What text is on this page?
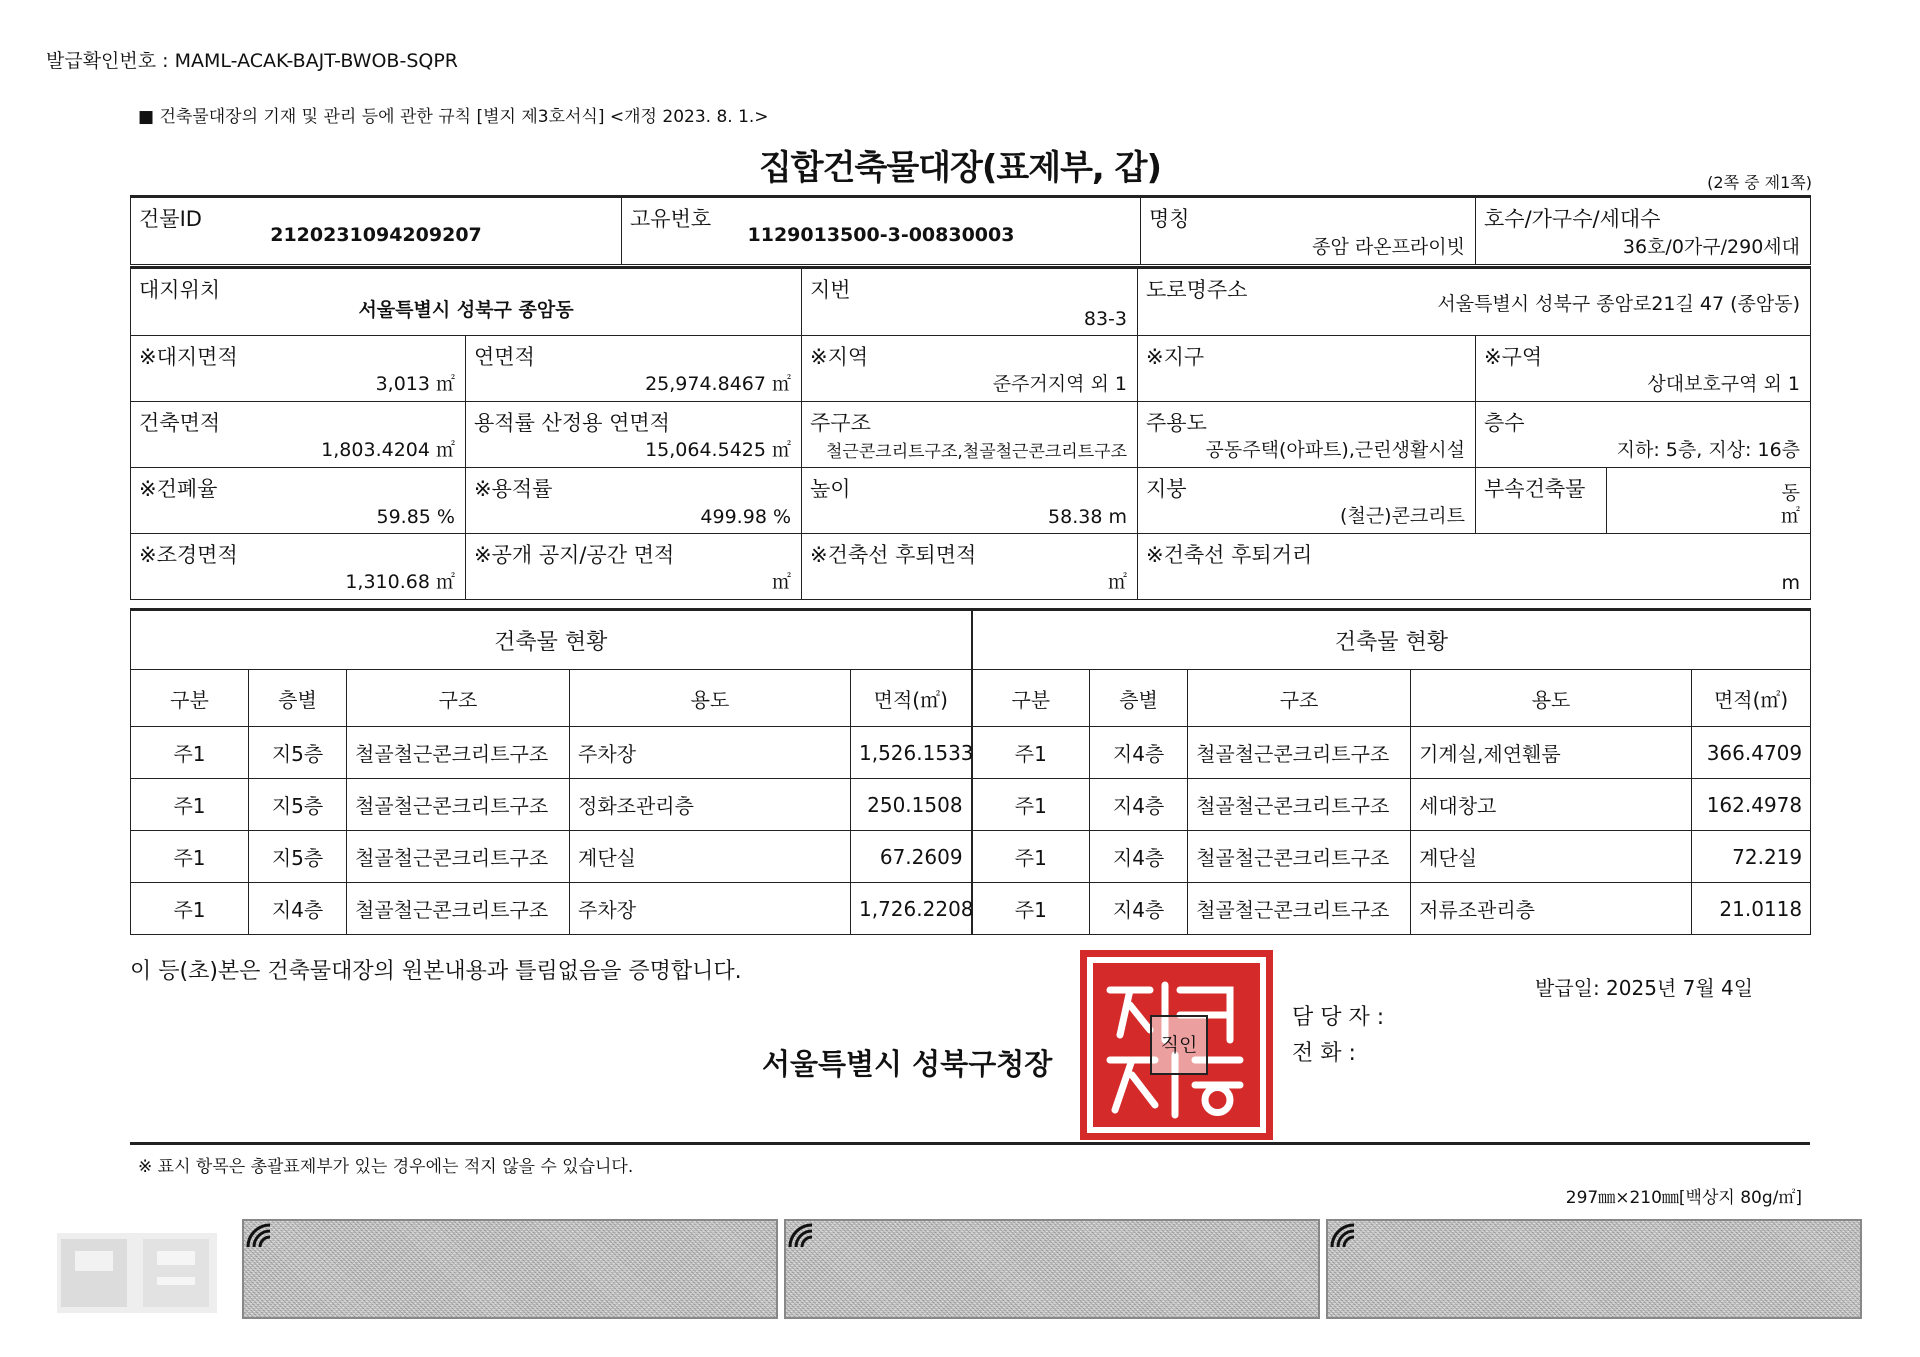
발급확인번호 : MAML-ACAK-BAJT-BWOB-SQPR
■ 건축물대장의 기재 및 관리 등에 관한 규칙 [별지 제3호서식] <개정 2023. 8. 1.>
집합건축물대장(표제부, 갑)	(2쪽 중 제1쪽)
건물ID
2120231094209207

고유번호
1129013500-3-00830003

명칭
종암 라온프라이빗

호수/가구수/세대수
36호/0가구/290세대
대지위치
서울특별시 성북구 종암동		지번
83-3	도로명주소
서울특별시 성북구 종암로21길 47 (종암동)		

※대지면적
3,013 ㎡	연면적
25,974.8467 ㎡	※지역
준주거지역 외 1	※지구	※구역
상대보호구역 외 1	

건축면적
1,803.4204 ㎡	용적률 산정용 연면적
15,064.5425 ㎡	주구조
철근콘크리트구조,철골철근콘크리트구조	주용도
공동주택(아파트),근린생활시설	층수
지하: 5층, 지상: 16층	

※건폐율
59.85 %	※용적률
499.98 %	높이
58.38 m	지붕
(철근)콘크리트	부속건축물	동
㎡

※조경면적
1,310.68 ㎡	※공개 공지/공간 면적
㎡	※건축선 후퇴면적
㎡	※건축선 후퇴거리
m		
건축물 현황					건축물 현황				
구분	층별	구조	용도	면적(㎡)	구분	층별	구조	용도	면적(㎡)
주1	지5층	철골철근콘크리트구조	주차장	1,526.1533	주1	지4층	철골철근콘크리트구조	기계실,제연휀룸	366.4709
주1	지5층	철골철근콘크리트구조	정화조관리층	250.1508	주1	지4층	철골철근콘크리트구조	세대창고	162.4978
주1	지5층	철골철근콘크리트구조	계단실	67.2609	주1	지4층	철골철근콘크리트구조	계단실	72.219
주1	지4층	철골철근콘크리트구조	주차장	1,726.2208	주1	지4층	철골철근콘크리트구조	저류조관리층	21.0118
이 등(초)본은 건축물대장의 원본내용과 틀림없음을 증명합니다.
서울특별시 성북구청장
직인
발급일: 2025년 7월 4일
담 당 자 :
전 화 :
※ 표시 항목은 총괄표제부가 있는 경우에는 적지 않을 수 있습니다.
297㎜×210㎜[백상지 80g/㎡]
